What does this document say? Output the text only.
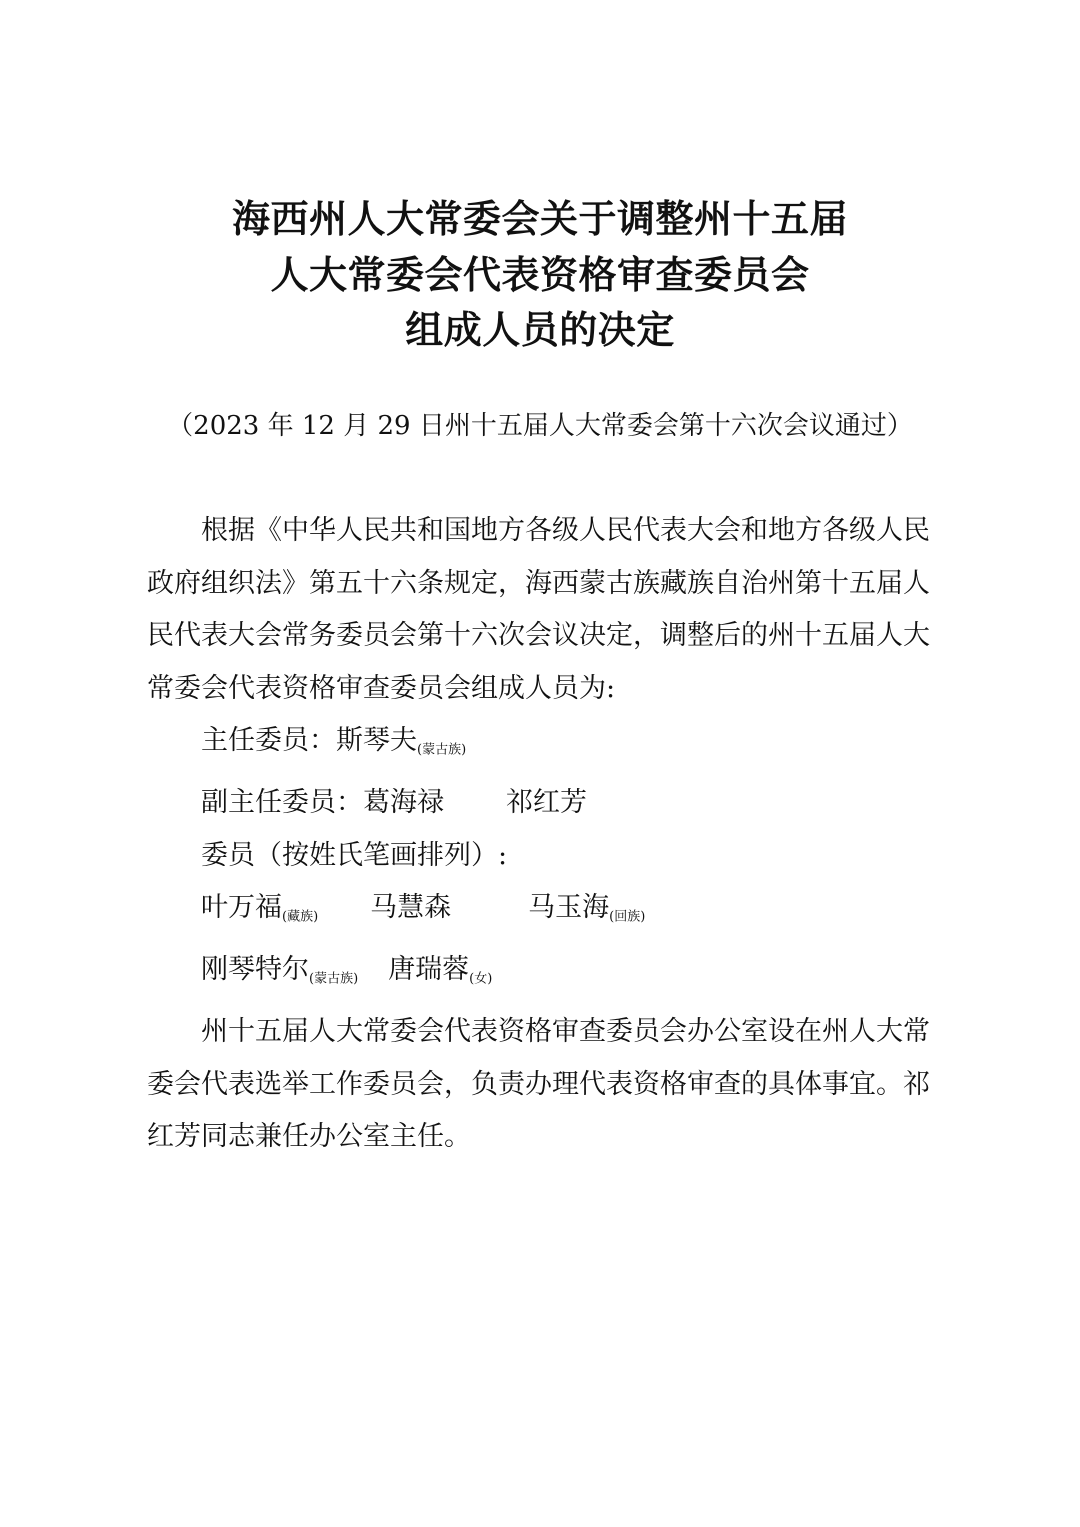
海西州人大常委会关于调整州十五届
人大常委会代表资格审查委员会
组成人员的决定
（2023 年 12 月 29 日州十五届人大常委会第十六次会议通过）

根据《中华人民共和国地方各级人民代表大会和地方各级人民政府组织法》第五十六条规定，海西蒙古族藏族自治州第十五届人民代表大会常务委员会第十六次会议决定，调整后的州十五届人大常委会代表资格审查委员会组成人员为:

主任委员：斯琴夫(蒙古族)

副主任委员：葛海禄 祁红芳

委员（按姓氏笔画排列）:

叶万福(藏族) 马慧森	马玉海(回族)

刚琴特尔(蒙古族) 唐瑞蓉(女)

州十五届人大常委会代表资格审查委员会办公室设在州人大常委会代表选举工作委员会，负责办理代表资格审查的具体事宜。祁红芳同志兼任办公室主任。
